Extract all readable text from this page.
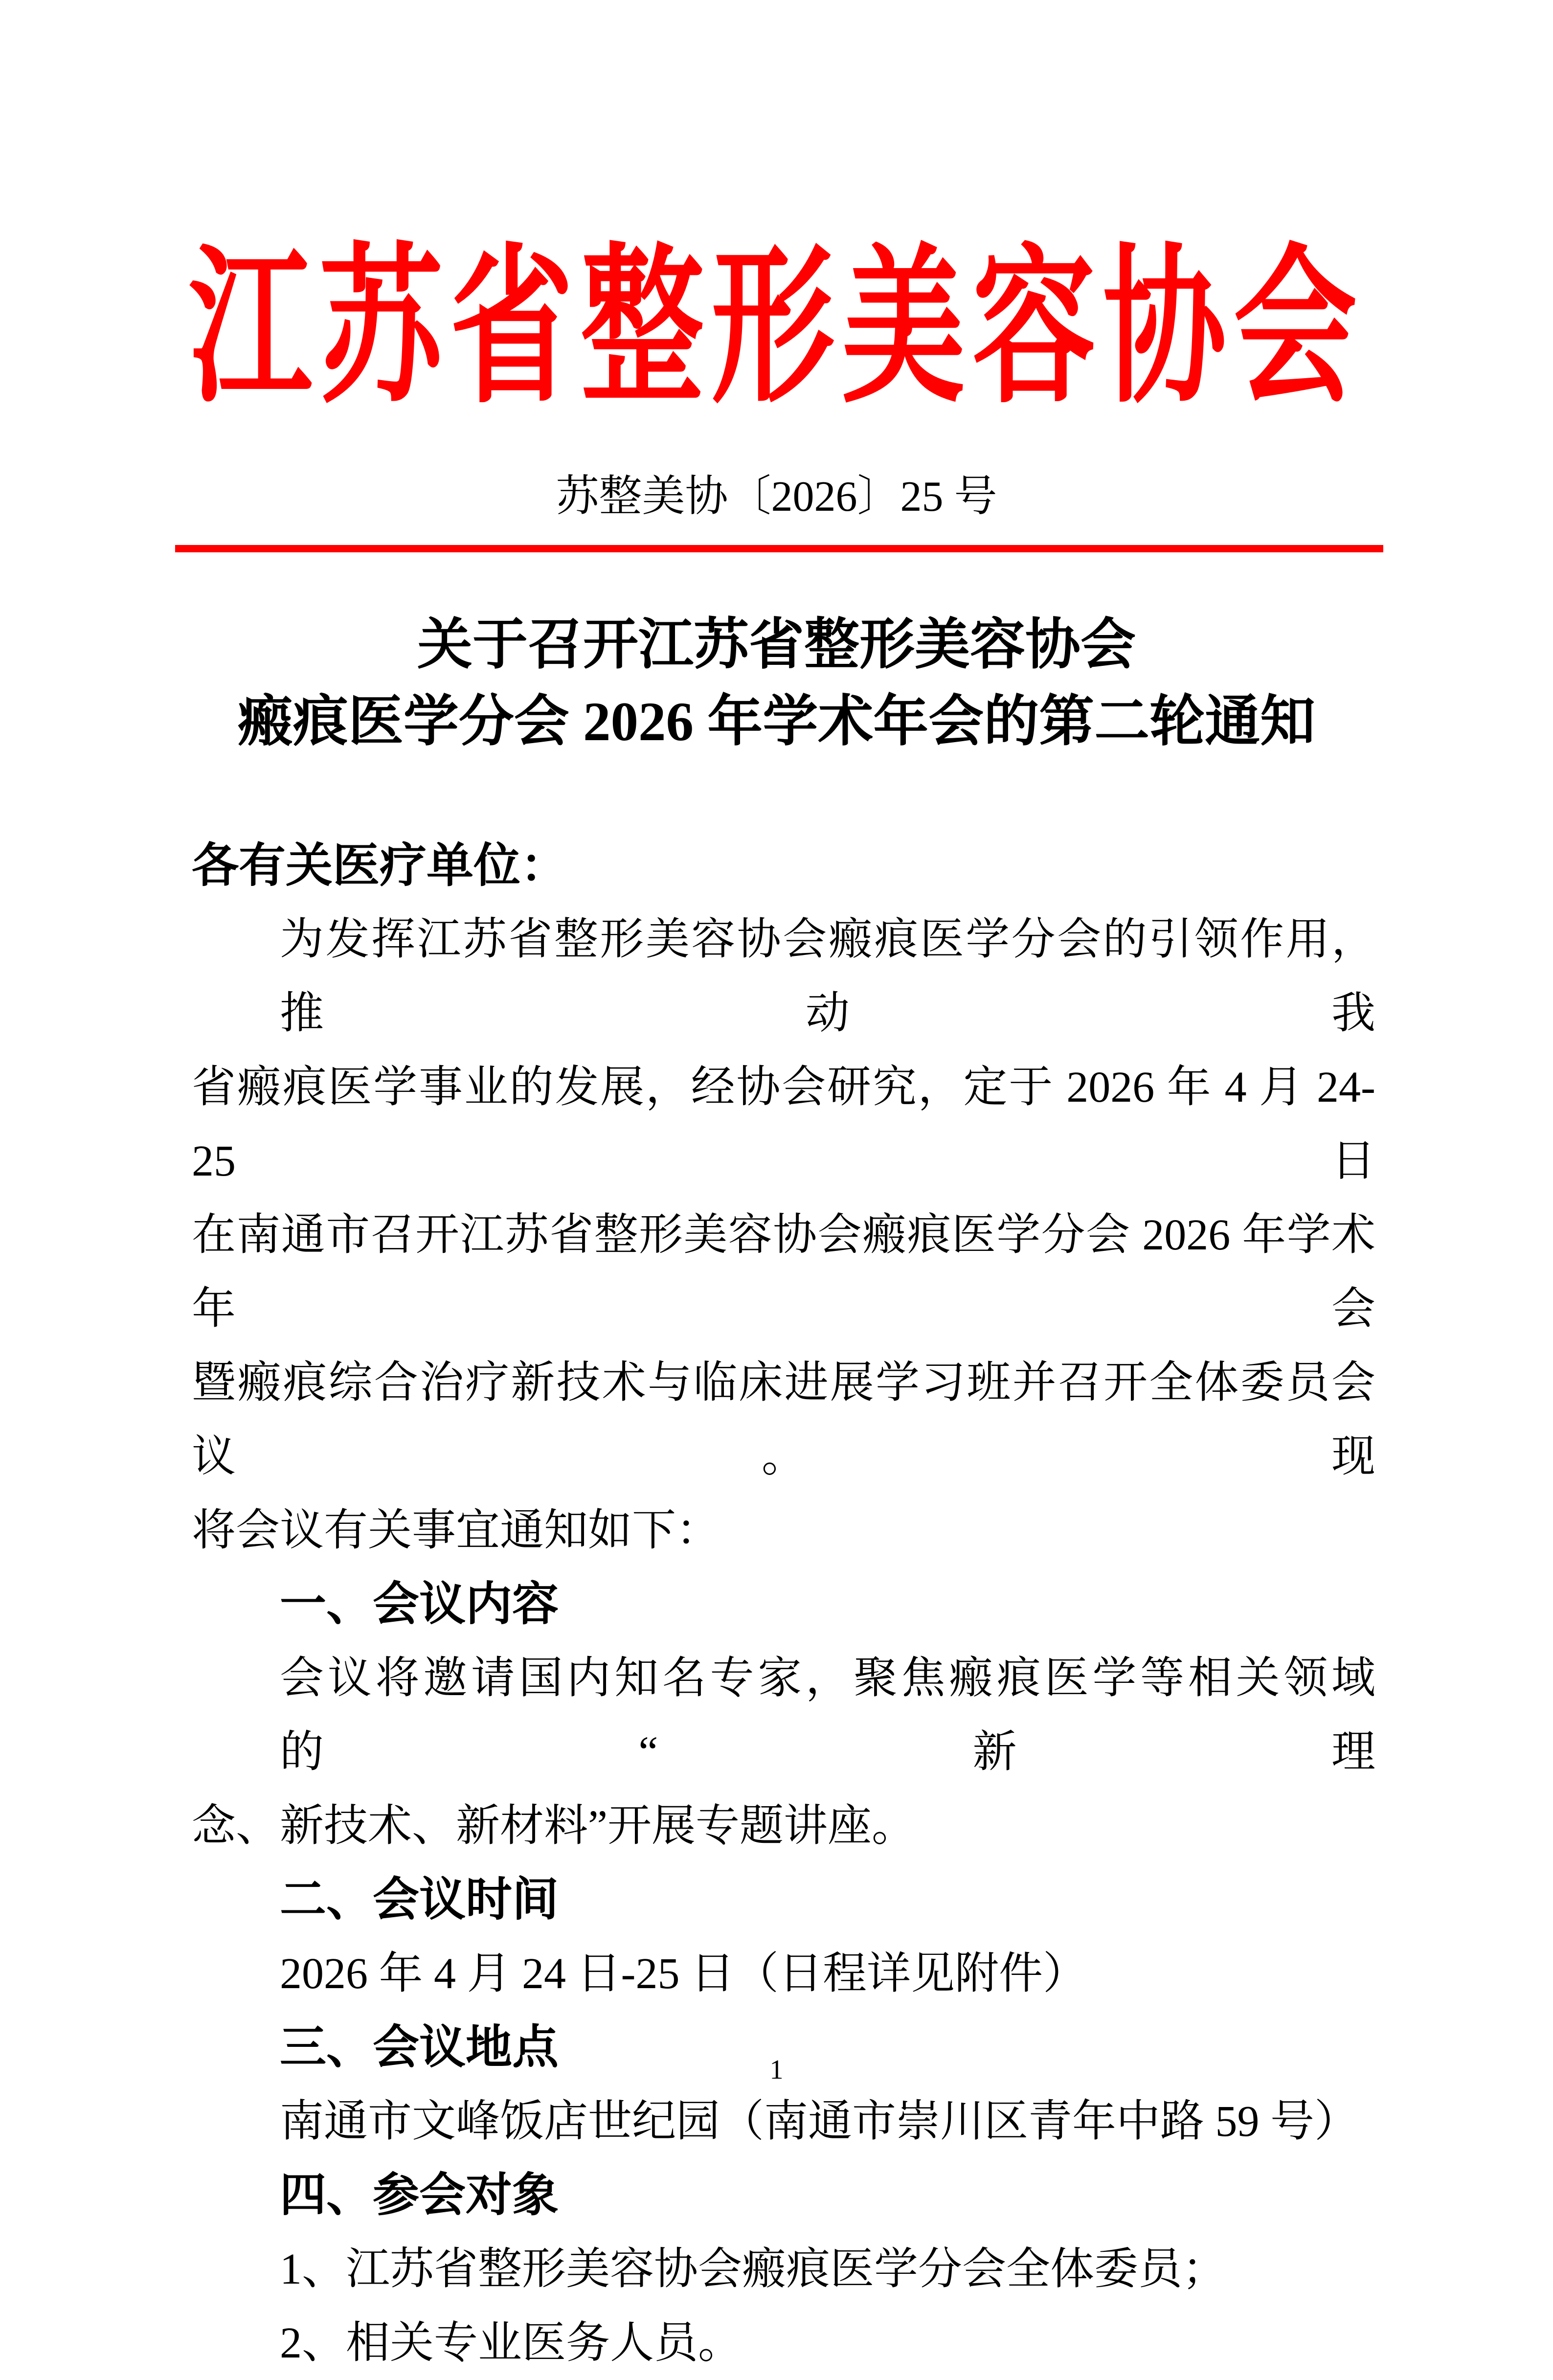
江苏省整形美容协会
苏整美协〔2026〕25 号
关于召开江苏省整形美容协会
瘢痕医学分会 2026 年学术年会的第二轮通知
各有关医疗单位：
为发挥江苏省整形美容协会瘢痕医学分会的引领作用，推动我
省瘢痕医学事业的发展，经协会研究，定于 2026 年 4 月 24-25 日
在南通市召开江苏省整形美容协会瘢痕医学分会 2026 年学术年会
暨瘢痕综合治疗新技术与临床进展学习班并召开全体委员会议。现
将会议有关事宜通知如下：
一、会议内容
会议将邀请国内知名专家，聚焦瘢痕医学等相关领域的“新理
念、新技术、新材料”开展专题讲座。
二、会议时间
2026 年 4 月 24 日-25 日（日程详见附件）
三、会议地点
南通市文峰饭店世纪园（南通市崇川区青年中路 59 号）
四、参会对象
1、江苏省整形美容协会瘢痕医学分会全体委员；
2、相关专业医务人员。
1
